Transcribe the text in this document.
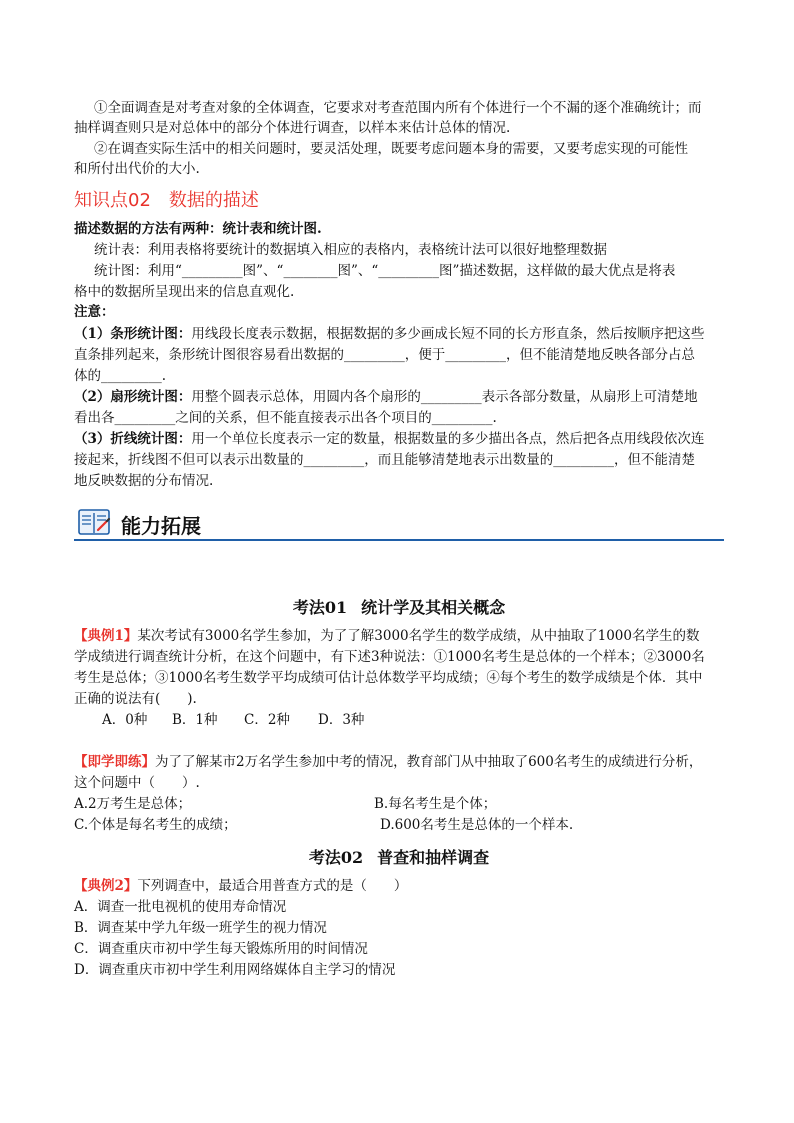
①全面调查是对考查对象的全体调查，它要求对考查范围内所有个体进行一个不漏的逐个准确统计；而
抽样调查则只是对总体中的部分个体进行调查，以样本来估计总体的情况.
②在调查实际生活中的相关问题时，要灵活处理，既要考虑问题本身的需要，又要考虑实现的可能性
和所付出代价的大小.
知识点02 数据的描述
描述数据的方法有两种：统计表和统计图.
统计表：利用表格将要统计的数据填入相应的表格内，表格统计法可以很好地整理数据
统计图：利用“_________图”、“________图”、“_________图”描述数据，这样做的最大优点是将表
格中的数据所呈现出来的信息直观化.
注意：
（1）条形统计图：用线段长度表示数据，根据数据的多少画成长短不同的长方形直条，然后按顺序把这些
直条排列起来，条形统计图很容易看出数据的_________，便于_________，但不能清楚地反映各部分占总
体的_________.
（2）扇形统计图：用整个圆表示总体，用圆内各个扇形的_________表示各部分数量，从扇形上可清楚地
看出各_________之间的关系，但不能直接表示出各个项目的_________.
（3）折线统计图：用一个单位长度表示一定的数量，根据数量的多少描出各点，然后把各点用线段依次连
接起来，折线图不但可以表示出数量的_________，而且能够清楚地表示出数量的_________，但不能清楚
地反映数据的分布情况.
能力拓展
考法01 统计学及其相关概念
【典例1】某次考试有3000名学生参加，为了了解3000名学生的数学成绩，从中抽取了1000名学生的数
学成绩进行调查统计分析，在这个问题中，有下述3种说法：①1000名考生是总体的一个样本；②3000名
考生是总体；③1000名考生数学平均成绩可估计总体数学平均成绩；④每个考生的数学成绩是个体．其中
正确的说法有(　　).
A．0种 B．1种 C．2种 D．3种
【即学即练】为了了解某市2万名学生参加中考的情况，教育部门从中抽取了600名考生的成绩进行分析，
这个问题中（　　）.
A.2万考生是总体；	B.每名考生是个体；
C.个体是每名考生的成绩；	D.600名考生是总体的一个样本.
考法02 普查和抽样调查
【典例2】下列调查中，最适合用普查方式的是（　　）
A．调查一批电视机的使用寿命情况
B．调查某中学九年级一班学生的视力情况
C．调查重庆市初中学生每天锻炼所用的时间情况
D．调查重庆市初中学生利用网络媒体自主学习的情况
